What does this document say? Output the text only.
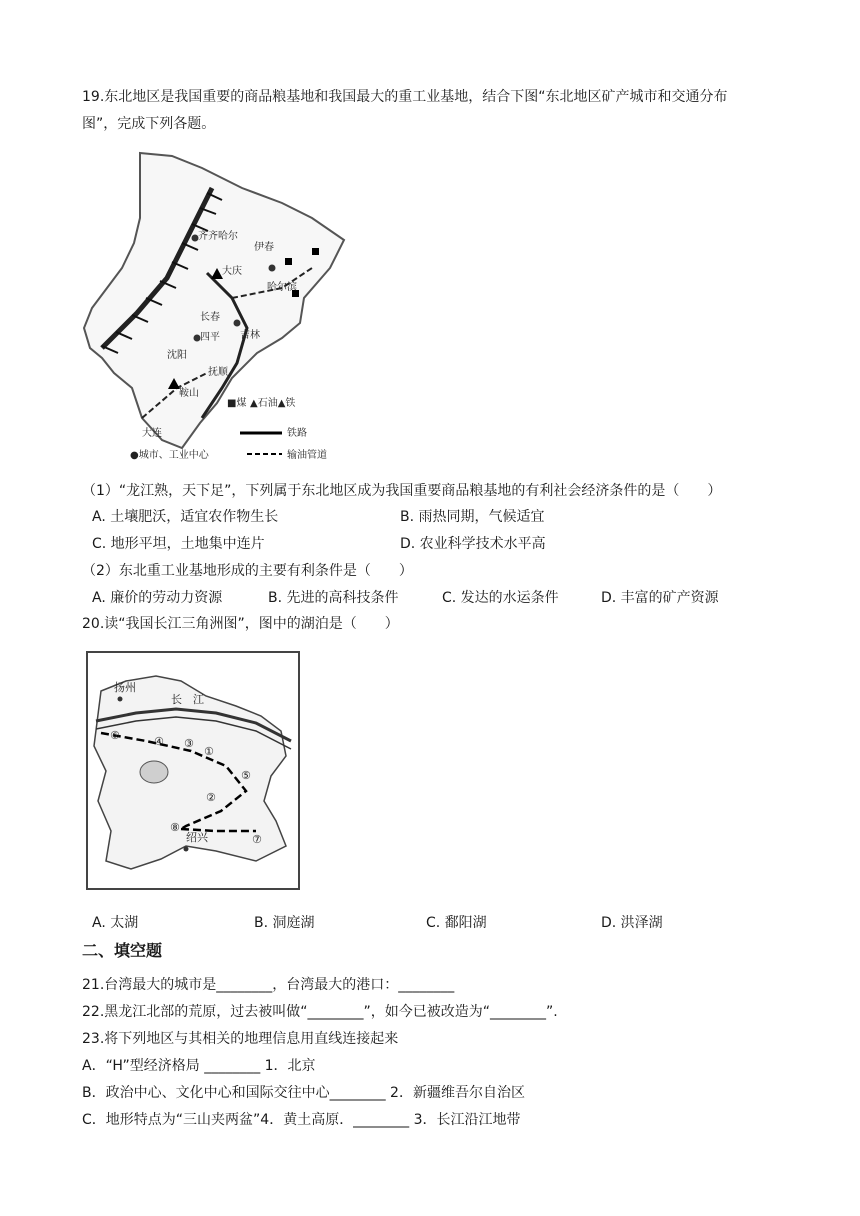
19.东北地区是我国重要的商品粮基地和我国最大的重工业基地，结合下图“东北地区矿产城市和交通分布
图”，完成下列各题。
齐齐哈尔
伊春
大庆
哈尔滨
长春
吉林
四平
沈阳
抚顺
鞍山
大连
■煤 ▲石油▲铁
铁路
●城市、工业中心	输油管道
（1）“龙江熟，天下足”，下列属于东北地区成为我国重要商品粮基地的有利社会经济条件的是（　　）
A. 土壤肥沃，适宜农作物生长	B. 雨热同期，气候适宜
C. 地形平坦，土地集中连片	D. 农业科学技术水平高
（2）东北重工业基地形成的主要有利条件是（　　）
A. 廉价的劳动力资源	B. 先进的高科技条件	C. 发达的水运条件	D. 丰富的矿产资源
20.读“我国长江三角洲图”，图中的湖泊是（　　）
扬州
长　江
绍兴
①
②
③
④
⑤
⑥
⑦
⑧
A. 太湖	B. 洞庭湖	C. 鄱阳湖	D. 洪泽湖
二、填空题
21.台湾最大的城市是________，台湾最大的港口：________
22.黑龙江北部的荒原，过去被叫做“________”，如今已被改造为“________”.
23.将下列地区与其相关的地理信息用直线连接起来
A．“H”型经济格局 ________ 1．北京
B．政治中心、文化中心和国际交往中心________ 2．新疆维吾尔自治区
C．地形特点为“三山夹两盆”4．黄土高原．________ 3．长江沿江地带
